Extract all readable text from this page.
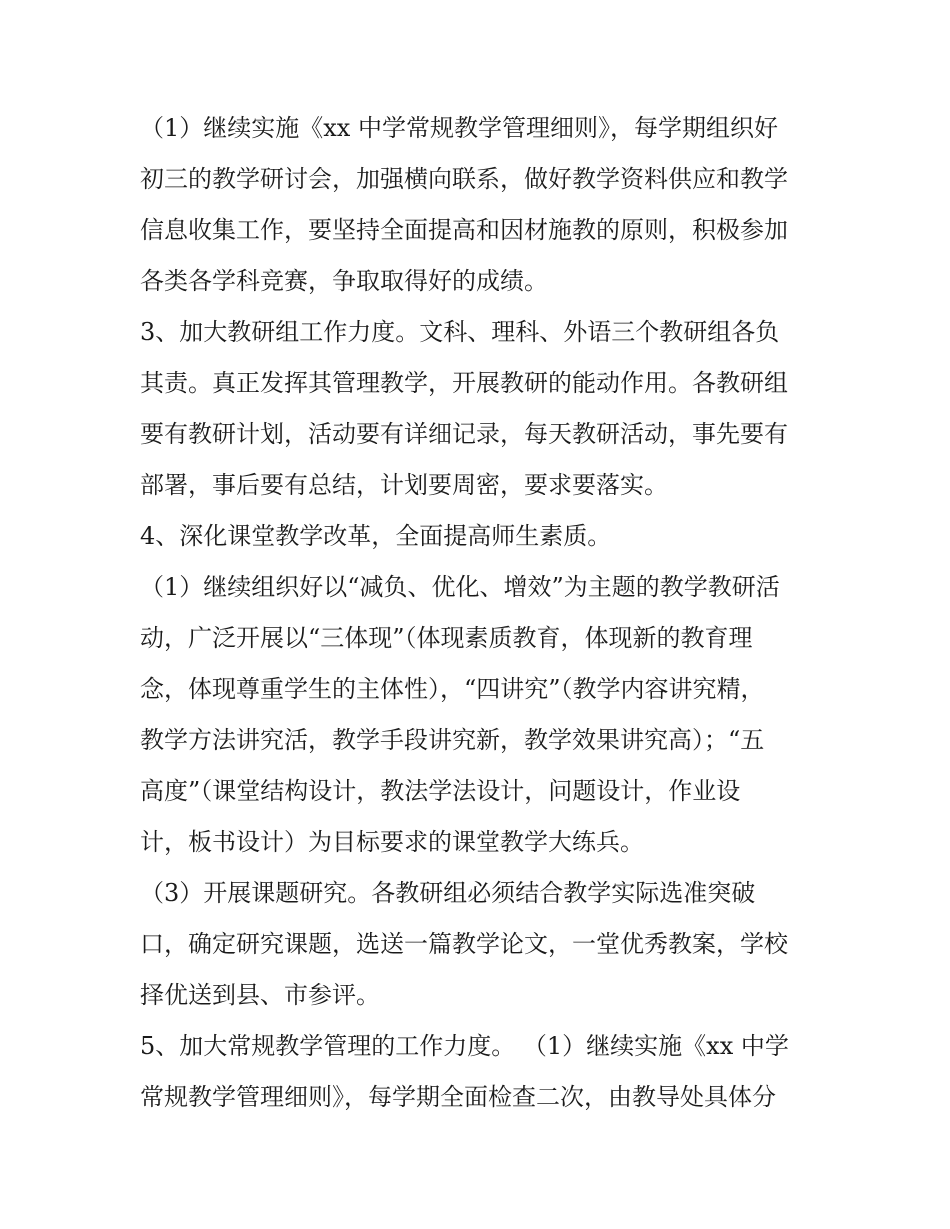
（1）继续实施《xx 中学常规教学管理细则》，每学期组织好
初三的教学研讨会，加强横向联系，做好教学资料供应和教学
信息收集工作，要坚持全面提高和因材施教的原则，积极参加
各类各学科竞赛，争取取得好的成绩。
3、加大教研组工作力度。文科、理科、外语三个教研组各负
其责。真正发挥其管理教学，开展教研的能动作用。各教研组
要有教研计划，活动要有详细记录，每天教研活动，事先要有
部署，事后要有总结，计划要周密，要求要落实。
4、深化课堂教学改革，全面提高师生素质。
（1）继续组织好以“减负、优化、增效”为主题的教学教研活
动，广泛开展以“三体现”（体现素质教育，体现新的教育理
念，体现尊重学生的主体性），“四讲究”（教学内容讲究精，
教学方法讲究活，教学手段讲究新，教学效果讲究高）；“五
高度”（课堂结构设计，教法学法设计，问题设计，作业设
计，板书设计）为目标要求的课堂教学大练兵。
（3）开展课题研究。各教研组必须结合教学实际选准突破
口，确定研究课题，选送一篇教学论文，一堂优秀教案，学校
择优送到县、市参评。
5、加大常规教学管理的工作力度。 （1）继续实施《xx 中学
常规教学管理细则》，每学期全面检查二次，由教导处具体分
